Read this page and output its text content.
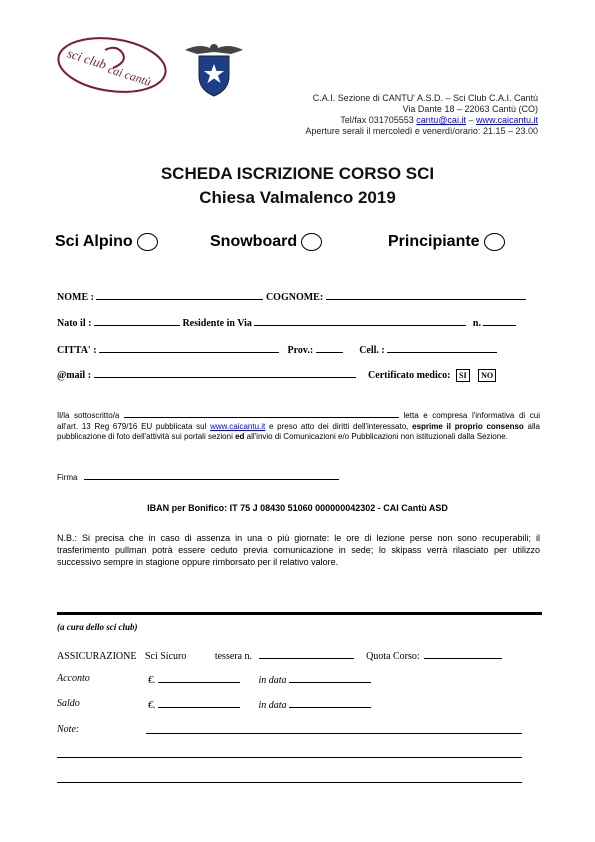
sci club
cai cantù
C.A.I. Sezione di CANTU' A.S.D. – Sci Club C.A.I. Cantù
Via Dante 18 – 22063 Cantù (CO)
Tel/fax 031705553 cantu@cai.it – www.caicantu.it
Aperture serali il mercoledì e venerdì/orario: 21.15 – 23.00
SCHEDA ISCRIZIONE CORSO SCI
Chiesa Valmalenco 2019
Sci Alpino	Snowboard	Principiante
NOME :	COGNOME:
Nato il :	Residente in Via	n.
CITTA' :	Prov.:	Cell. :
@mail :	Certificato medico: SI NO
Il/la sottoscritto/a	letta e compresa l'informativa di cui all'art. 13 Reg 679/16 EU pubblicata sul www.caicantu.it e preso atto dei diritti dell'interessato, esprime il proprio consenso alla pubblicazione di foto dell'attività sui portali sezioni ed all'invio di Comunicazioni e/o Pubblicazioni non istituzionali dalla Sezione.
Firma
IBAN per Bonifico: IT 75 J 08430 51060 000000042302 - CAI Cantù ASD
N.B.: Si precisa che in caso di assenza in una o più giornate: le ore di lezione perse non sono recuperabili; il trasferimento pullman potrà essere ceduto previa comunicazione in sede; lo skipass verrà rilasciato per utilizzo successivo sempre in stagione oppure rimborsato per il relativo valore.
(a cura dello sci club)
ASSICURAZIONE Sci Sicuro	tessera n.	Quota Corso:
Acconto	€.	in data
Saldo	€.	in data
Note:
